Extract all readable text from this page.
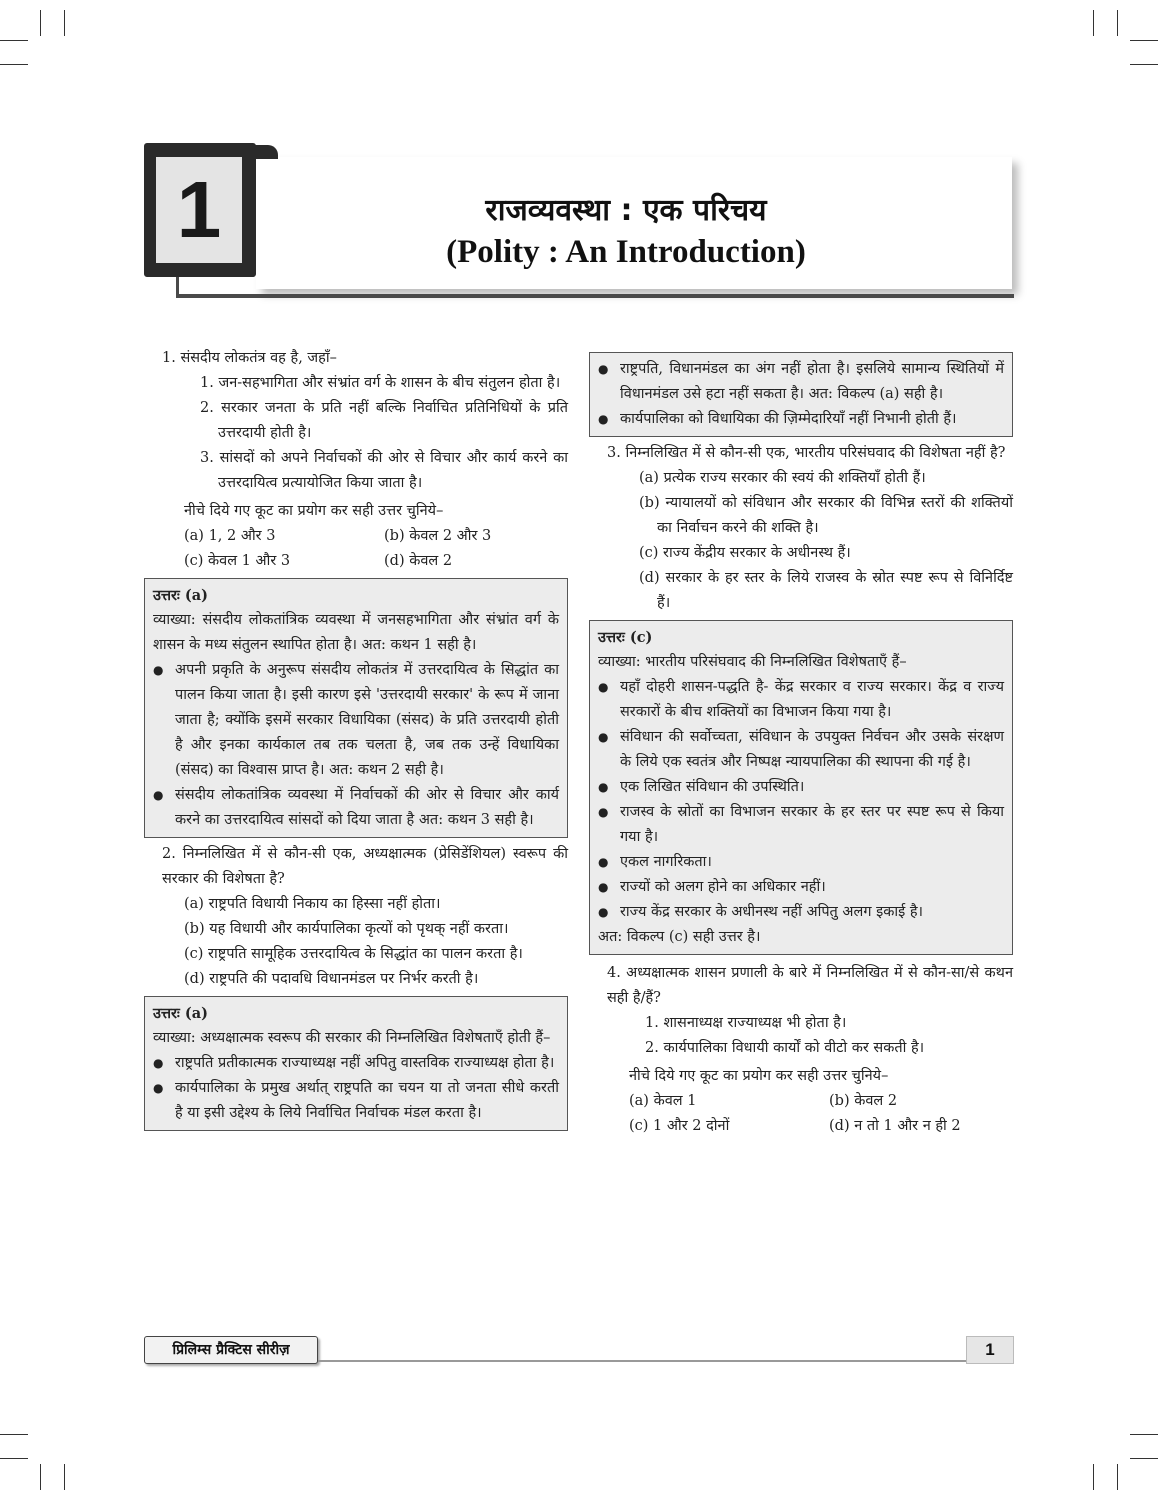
1	राजव्यवस्था : एक परिचय
(Polity : An Introduction)
1. संसदीय लोकतंत्र वह है, जहाँ–
1. जन-सहभागिता और संभ्रांत वर्ग के शासन के बीच संतुलन होता है।
2. सरकार जनता के प्रति नहीं बल्कि निर्वाचित प्रतिनिधियों के प्रति उत्तरदायी होती है।
3. सांसदों को अपने निर्वाचकों की ओर से विचार और कार्य करने का उत्तरदायित्व प्रत्यायोजित किया जाता है।
नीचे दिये गए कूट का प्रयोग कर सही उत्तर चुनिये–
(a) 1, 2 और 3	(b) केवल 2 और 3
(c) केवल 1 और 3	(d) केवल 2
उत्तरः (a)
व्याख्या: संसदीय लोकतांत्रिक व्यवस्था में जनसहभागिता और संभ्रांत वर्ग के शासन के मध्य संतुलन स्थापित होता है। अत: कथन 1 सही है।
● अपनी प्रकृति के अनुरूप संसदीय लोकतंत्र में उत्तरदायित्व के सिद्धांत का पालन किया जाता है। इसी कारण इसे 'उत्तरदायी सरकार' के रूप में जाना जाता है; क्योंकि इसमें सरकार विधायिका (संसद) के प्रति उत्तरदायी होती है और इनका कार्यकाल तब तक चलता है, जब तक उन्हें विधायिका (संसद) का विश्वास प्राप्त है। अत: कथन 2 सही है।
● संसदीय लोकतांत्रिक व्यवस्था में निर्वाचकों की ओर से विचार और कार्य करने का उत्तरदायित्व सांसदों को दिया जाता है अत: कथन 3 सही है।
2. निम्नलिखित में से कौन-सी एक, अध्यक्षात्मक (प्रेसिडेंशियल) स्वरूप की सरकार की विशेषता है?
(a) राष्ट्रपति विधायी निकाय का हिस्सा नहीं होता।
(b) यह विधायी और कार्यपालिका कृत्यों को पृथक् नहीं करता।
(c) राष्ट्रपति सामूहिक उत्तरदायित्व के सिद्धांत का पालन करता है।
(d) राष्ट्रपति की पदावधि विधानमंडल पर निर्भर करती है।
उत्तरः (a)
व्याख्या: अध्यक्षात्मक स्वरूप की सरकार की निम्नलिखित विशेषताएँ होती हैं–
● राष्ट्रपति प्रतीकात्मक राज्याध्यक्ष नहीं अपितु वास्तविक राज्याध्यक्ष होता है।
● कार्यपालिका के प्रमुख अर्थात् राष्ट्रपति का चयन या तो जनता सीधे करती है या इसी उद्देश्य के लिये निर्वाचित निर्वाचक मंडल करता है।
● राष्ट्रपति, विधानमंडल का अंग नहीं होता है। इसलिये सामान्य स्थितियों में विधानमंडल उसे हटा नहीं सकता है। अत: विकल्प (a) सही है।
● कार्यपालिका को विधायिका की ज़िम्मेदारियाँ नहीं निभानी होती हैं।
3. निम्नलिखित में से कौन-सी एक, भारतीय परिसंघवाद की विशेषता नहीं है?
(a) प्रत्येक राज्य सरकार की स्वयं की शक्तियाँ होती हैं।
(b) न्यायालयों को संविधान और सरकार की विभिन्न स्तरों की शक्तियों का निर्वाचन करने की शक्ति है।
(c) राज्य केंद्रीय सरकार के अधीनस्थ हैं।
(d) सरकार के हर स्तर के लिये राजस्व के स्रोत स्पष्ट रूप से विनिर्दिष्ट हैं।
उत्तरः (c)
व्याख्या: भारतीय परिसंघवाद की निम्नलिखित विशेषताएँ हैं–
● यहाँ दोहरी शासन-पद्धति है- केंद्र सरकार व राज्य सरकार। केंद्र व राज्य सरकारों के बीच शक्तियों का विभाजन किया गया है।
● संविधान की सर्वोच्चता, संविधान के उपयुक्त निर्वचन और उसके संरक्षण के लिये एक स्वतंत्र और निष्पक्ष न्यायपालिका की स्थापना की गई है।
● एक लिखित संविधान की उपस्थिति।
● राजस्व के स्रोतों का विभाजन सरकार के हर स्तर पर स्पष्ट रूप से किया गया है।
● एकल नागरिकता।
● राज्यों को अलग होने का अधिकार नहीं।
● राज्य केंद्र सरकार के अधीनस्थ नहीं अपितु अलग इकाई है।
अत: विकल्प (c) सही उत्तर है।
4. अध्यक्षात्मक शासन प्रणाली के बारे में निम्नलिखित में से कौन-सा/से कथन सही है/हैं?
1. शासनाध्यक्ष राज्याध्यक्ष भी होता है।
2. कार्यपालिका विधायी कार्यों को वीटो कर सकती है।
नीचे दिये गए कूट का प्रयोग कर सही उत्तर चुनिये–
(a) केवल 1	(b) केवल 2
(c) 1 और 2 दोनों	(d) न तो 1 और न ही 2
प्रिलिम्स प्रैक्टिस सीरीज़	1
